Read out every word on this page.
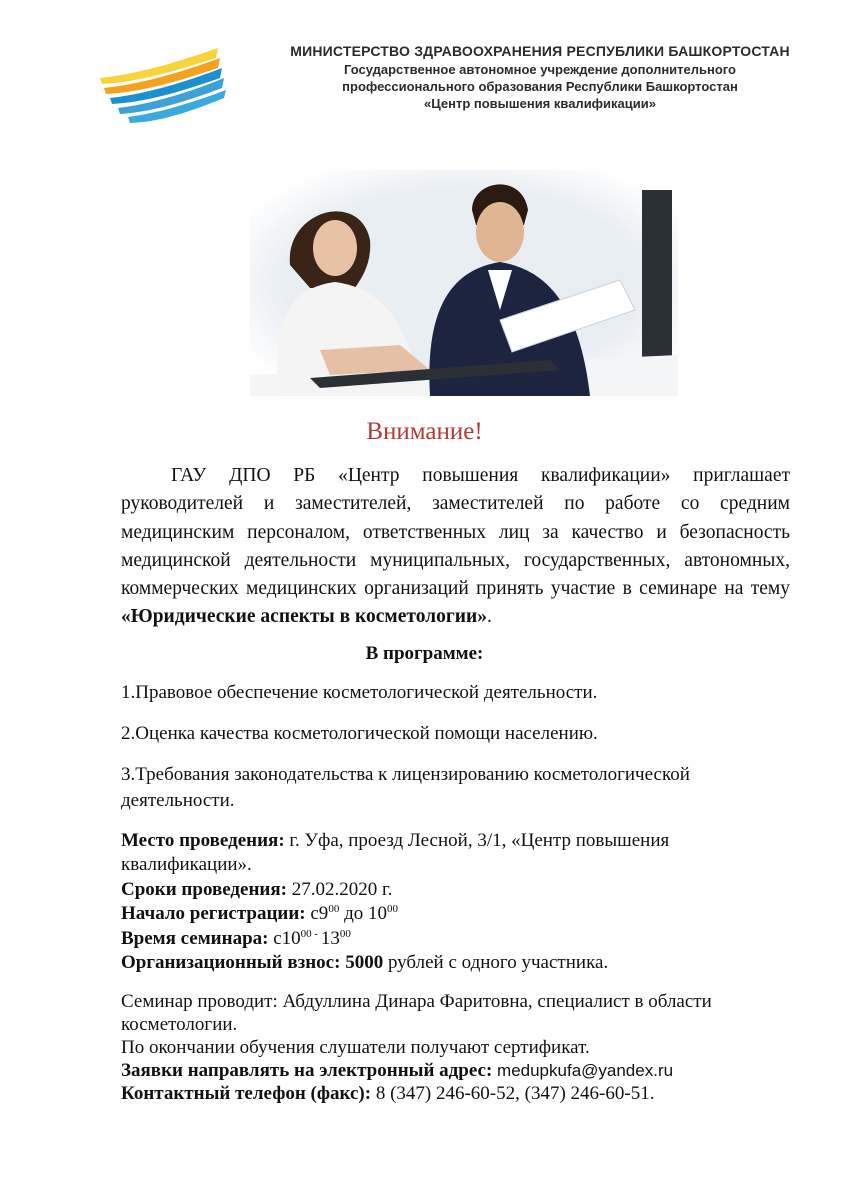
МИНИСТЕРСТВО ЗДРАВООХРАНЕНИЯ РЕСПУБЛИКИ БАШКОРТОСТАН
Государственное автономное учреждение дополнительного
профессионального образования Республики Башкортостан
«Центр повышения квалификации»
Внимание!
ГАУ ДПО РБ «Центр повышения квалификации» приглашает руководителей и заместителей, заместителей по работе со средним медицинским персоналом, ответственных лиц за качество и безопасность медицинской деятельности муниципальных, государственных, автономных, коммерческих медицинских организаций принять участие в семинаре на тему «Юридические аспекты в косметологии».
В программе:
1.Правовое обеспечение косметологической деятельности.
2.Оценка качества косметологической помощи населению.
3.Требования законодательства к лицензированию косметологической деятельности.
Место проведения: г. Уфа, проезд Лесной, 3/1, «Центр повышения квалификации».
Сроки проведения: 27.02.2020 г.
Начало регистрации: $с9^{00}$ до $10^{00}$
Время семинара: $с10^{00}$ - $13^{00}$
Организационный взнос: 5000 рублей с одного участника.
Семинар проводит: Абдуллина Динара Фаритовна, специалист в области косметологии.
По окончании обучения слушатели получают сертификат.
Заявки направлять на электронный адрес: medupkufa@yandex.ru
Контактный телефон (факс): 8 (347) 246-60-52, (347) 246-60-51.
